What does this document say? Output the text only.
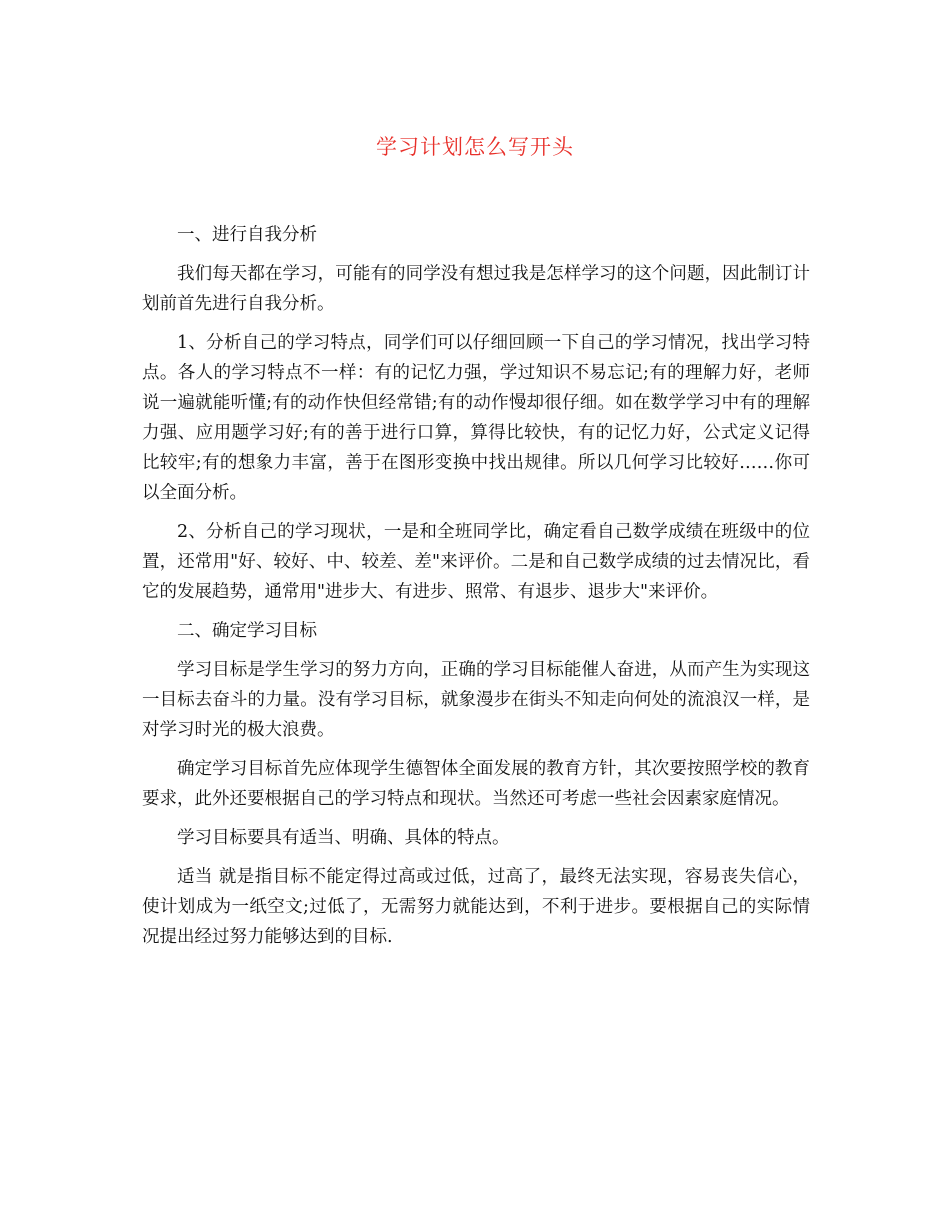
学习计划怎么写开头

一、进行自我分析

我们每天都在学习，可能有的同学没有想过我是怎样学习的这个问题，因此制订计划前首先进行自我分析。

1、分析自己的学习特点，同学们可以仔细回顾一下自己的学习情况，找出学习特点。各人的学习特点不一样：有的记忆力强，学过知识不易忘记;有的理解力好，老师说一遍就能听懂;有的动作快但经常错;有的动作慢却很仔细。如在数学学习中有的理解力强、应用题学习好;有的善于进行口算，算得比较快，有的记忆力好，公式定义记得比较牢;有的想象力丰富，善于在图形变换中找出规律。所以几何学习比较好……你可以全面分析。

2、分析自己的学习现状，一是和全班同学比，确定看自己数学成绩在班级中的位置，还常用"好、较好、中、较差、差"来评价。二是和自己数学成绩的过去情况比，看它的发展趋势，通常用"进步大、有进步、照常、有退步、退步大"来评价。

二、确定学习目标

学习目标是学生学习的努力方向，正确的学习目标能催人奋进，从而产生为实现这一目标去奋斗的力量。没有学习目标，就象漫步在街头不知走向何处的流浪汉一样，是对学习时光的极大浪费。

确定学习目标首先应体现学生德智体全面发展的教育方针，其次要按照学校的教育要求，此外还要根据自己的学习特点和现状。当然还可考虑一些社会因素家庭情况。

学习目标要具有适当、明确、具体的特点。

适当 就是指目标不能定得过高或过低，过高了，最终无法实现，容易丧失信心，使计划成为一纸空文;过低了，无需努力就能达到，不利于进步。要根据自己的实际情况提出经过努力能够达到的目标.
